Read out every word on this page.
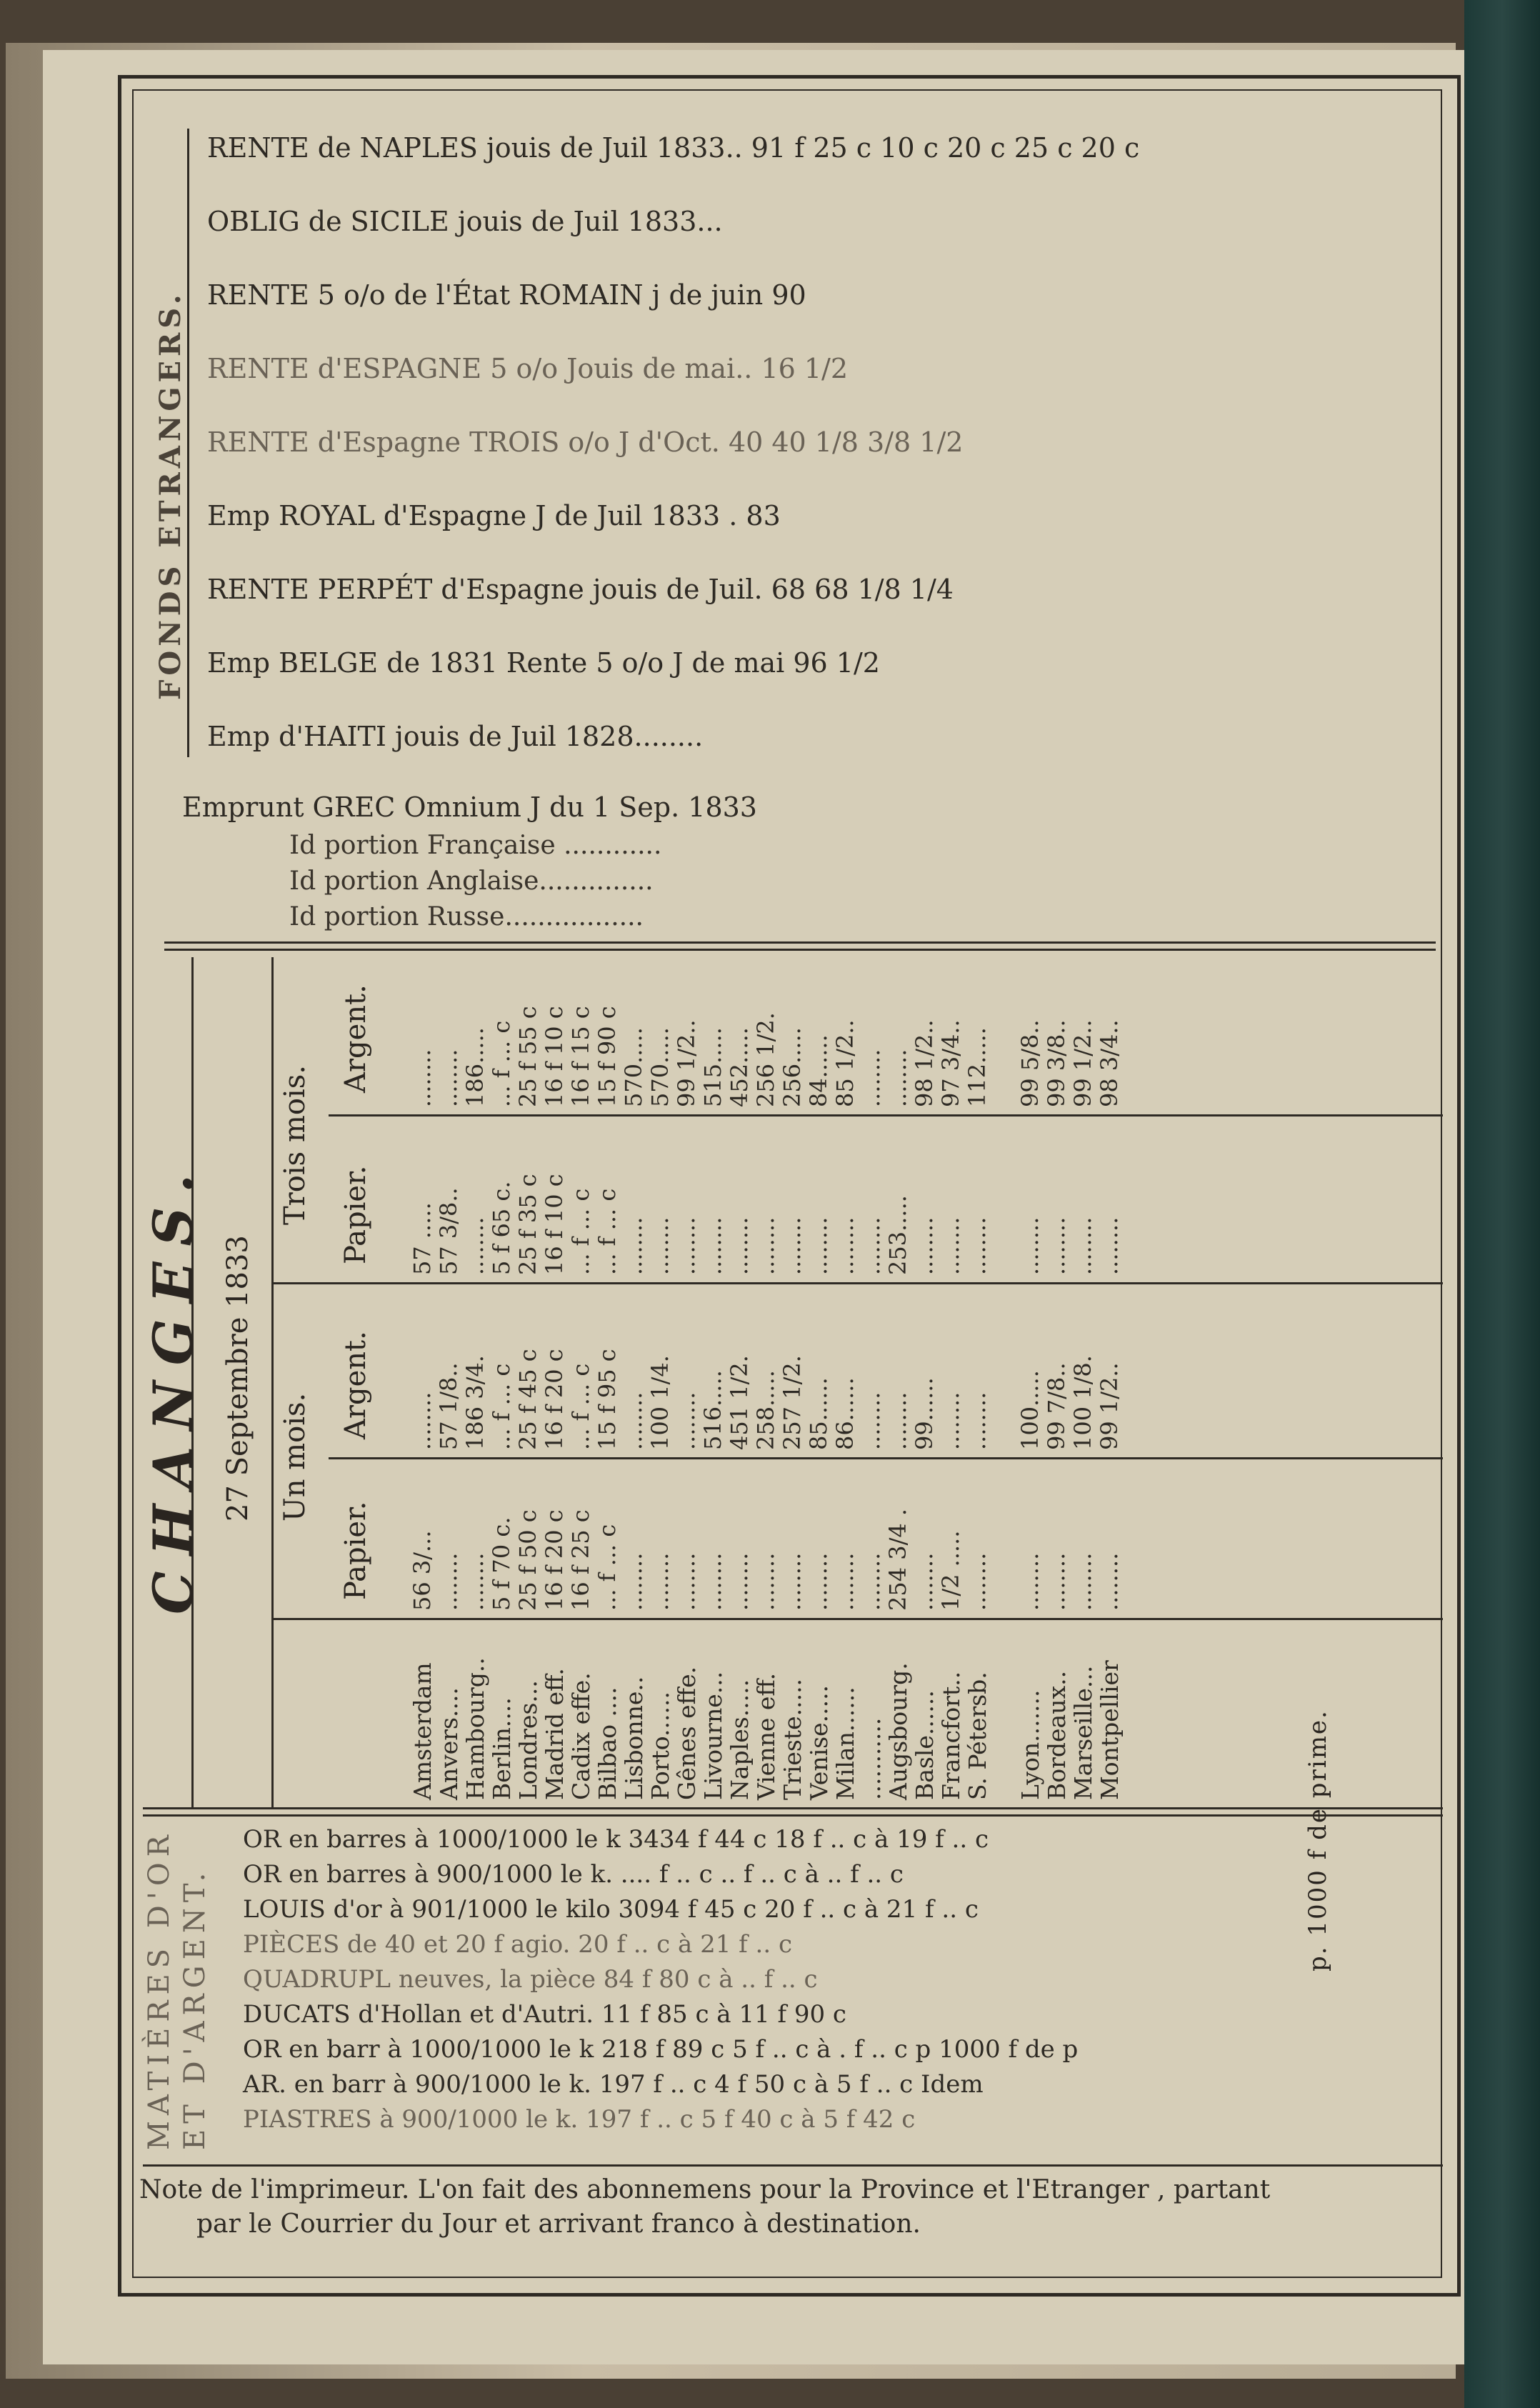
FONDS ETRANGERS.
RENTE de NAPLES jouis de Juil 1833.. 91 f 25 c 10 c 20 c 25 c 20 c
OBLIG de SICILE jouis de Juil 1833...
RENTE 5 o/o de l'État ROMAIN j de juin 90
RENTE d'ESPAGNE 5 o/o Jouis de mai.. 16 1/2
RENTE d'Espagne TROIS o/o J d'Oct. 40 40 1/8 3/8 1/2
Emp ROYAL d'Espagne J de Juil 1833 . 83
RENTE PERPÉT d'Espagne jouis de Juil. 68 68 1/8 1/4
Emp BELGE de 1831 Rente 5 o/o J de mai 96 1/2
Emp d'HAITI jouis de Juil 1828........
Emprunt GREC Omnium J du 1 Sep. 1833
Id portion Française ............
Id portion Anglaise..............
Id portion Russe.................
CHANGES. 27 Septembre 1833
Trois mois. Papier.
Argent.
Un mois.
Papier.
Argent.
Amsterdam
Anvers....
Hambourg..
Berlin....
Londres...
Madrid eff.
Cadix effe.
Bilbao ....
Lisbonne..
Porto......
Gênes effe.
Livourne...
Naples.....
Vienne eff.
Trieste.....
Venise.....
Milan......
...........
Augsbourg.
Basle......
Francfort..
S. Pétersb. Lyon.......
Bordeaux..
Marseille...
Montpellier
56 3/... ........ ........ 5 f 70 c. 25 f 50 c 16 f 20 c 16 f 25 c ... f ... c ........ ........ ........ ........ ........ ........ ........ ........ ........ ........ 254 3/4 . ........ 1/2 ..... ........ ........ ........ ........ ........
........ 57 1/8.. 186 3/4. ... f ... c 25 f 45 c 16 f 20 c ... f ... c 15 f 95 c ........ 100 1/4. ........ 516..... 451 1/2. 258..... 257 1/2. 85...... 86...... ........ ........ 99...... ........ ........ 100..... 99 7/8.. 100 1/8. 99 1/2..
57 ..... 57 3/8.. ........ 5 f 65 c. 25 f 35 c 16 f 10 c ... f ... c ... f ... c ........ ........ ........ ........ ........ ........ ........ ........ ........ ........ 253..... ........ ........ ........ ........ ........ ........ ........
........ ........ 186..... ... f ... c 25 f 55 c 16 f 10 c 16 f 15 c 15 f 90 c 570..... 570..... 99 1/2.. 515..... 452..... 256 1/2. 256..... 84...... 85 1/2.. ........ ........ 98 1/2.. 97 3/4.. 112..... 99 5/8.. 99 3/8.. 99 1/2.. 98 3/4..
MATIÈRES D'OR ET D'ARGENT.
OR en barres à 1000/1000 le k 3434 f 44 c 18 f .. c à 19 f .. c
OR en barres à 900/1000 le k. .... f .. c .. f .. c à .. f .. c
LOUIS d'or à 901/1000 le kilo 3094 f 45 c 20 f .. c à 21 f .. c
PIÈCES de 40 et 20 f agio. 20 f .. c à 21 f .. c
QUADRUPL neuves, la pièce 84 f 80 c à .. f .. c
DUCATS d'Hollan et d'Autri. 11 f 85 c à 11 f 90 c
OR en barr à 1000/1000 le k 218 f 89 c 5 f .. c à . f .. c p 1000 f de p
AR. en barr à 900/1000 le k. 197 f .. c 4 f 50 c à 5 f .. c Idem
PIASTRES à 900/1000 le k. 197 f .. c 5 f 40 c à 5 f 42 c
p. 1000 f de prime.
Note de l'imprimeur. L'on fait des abonnemens pour la Province et l'Etranger , partant
par le Courrier du Jour et arrivant franco à destination.
